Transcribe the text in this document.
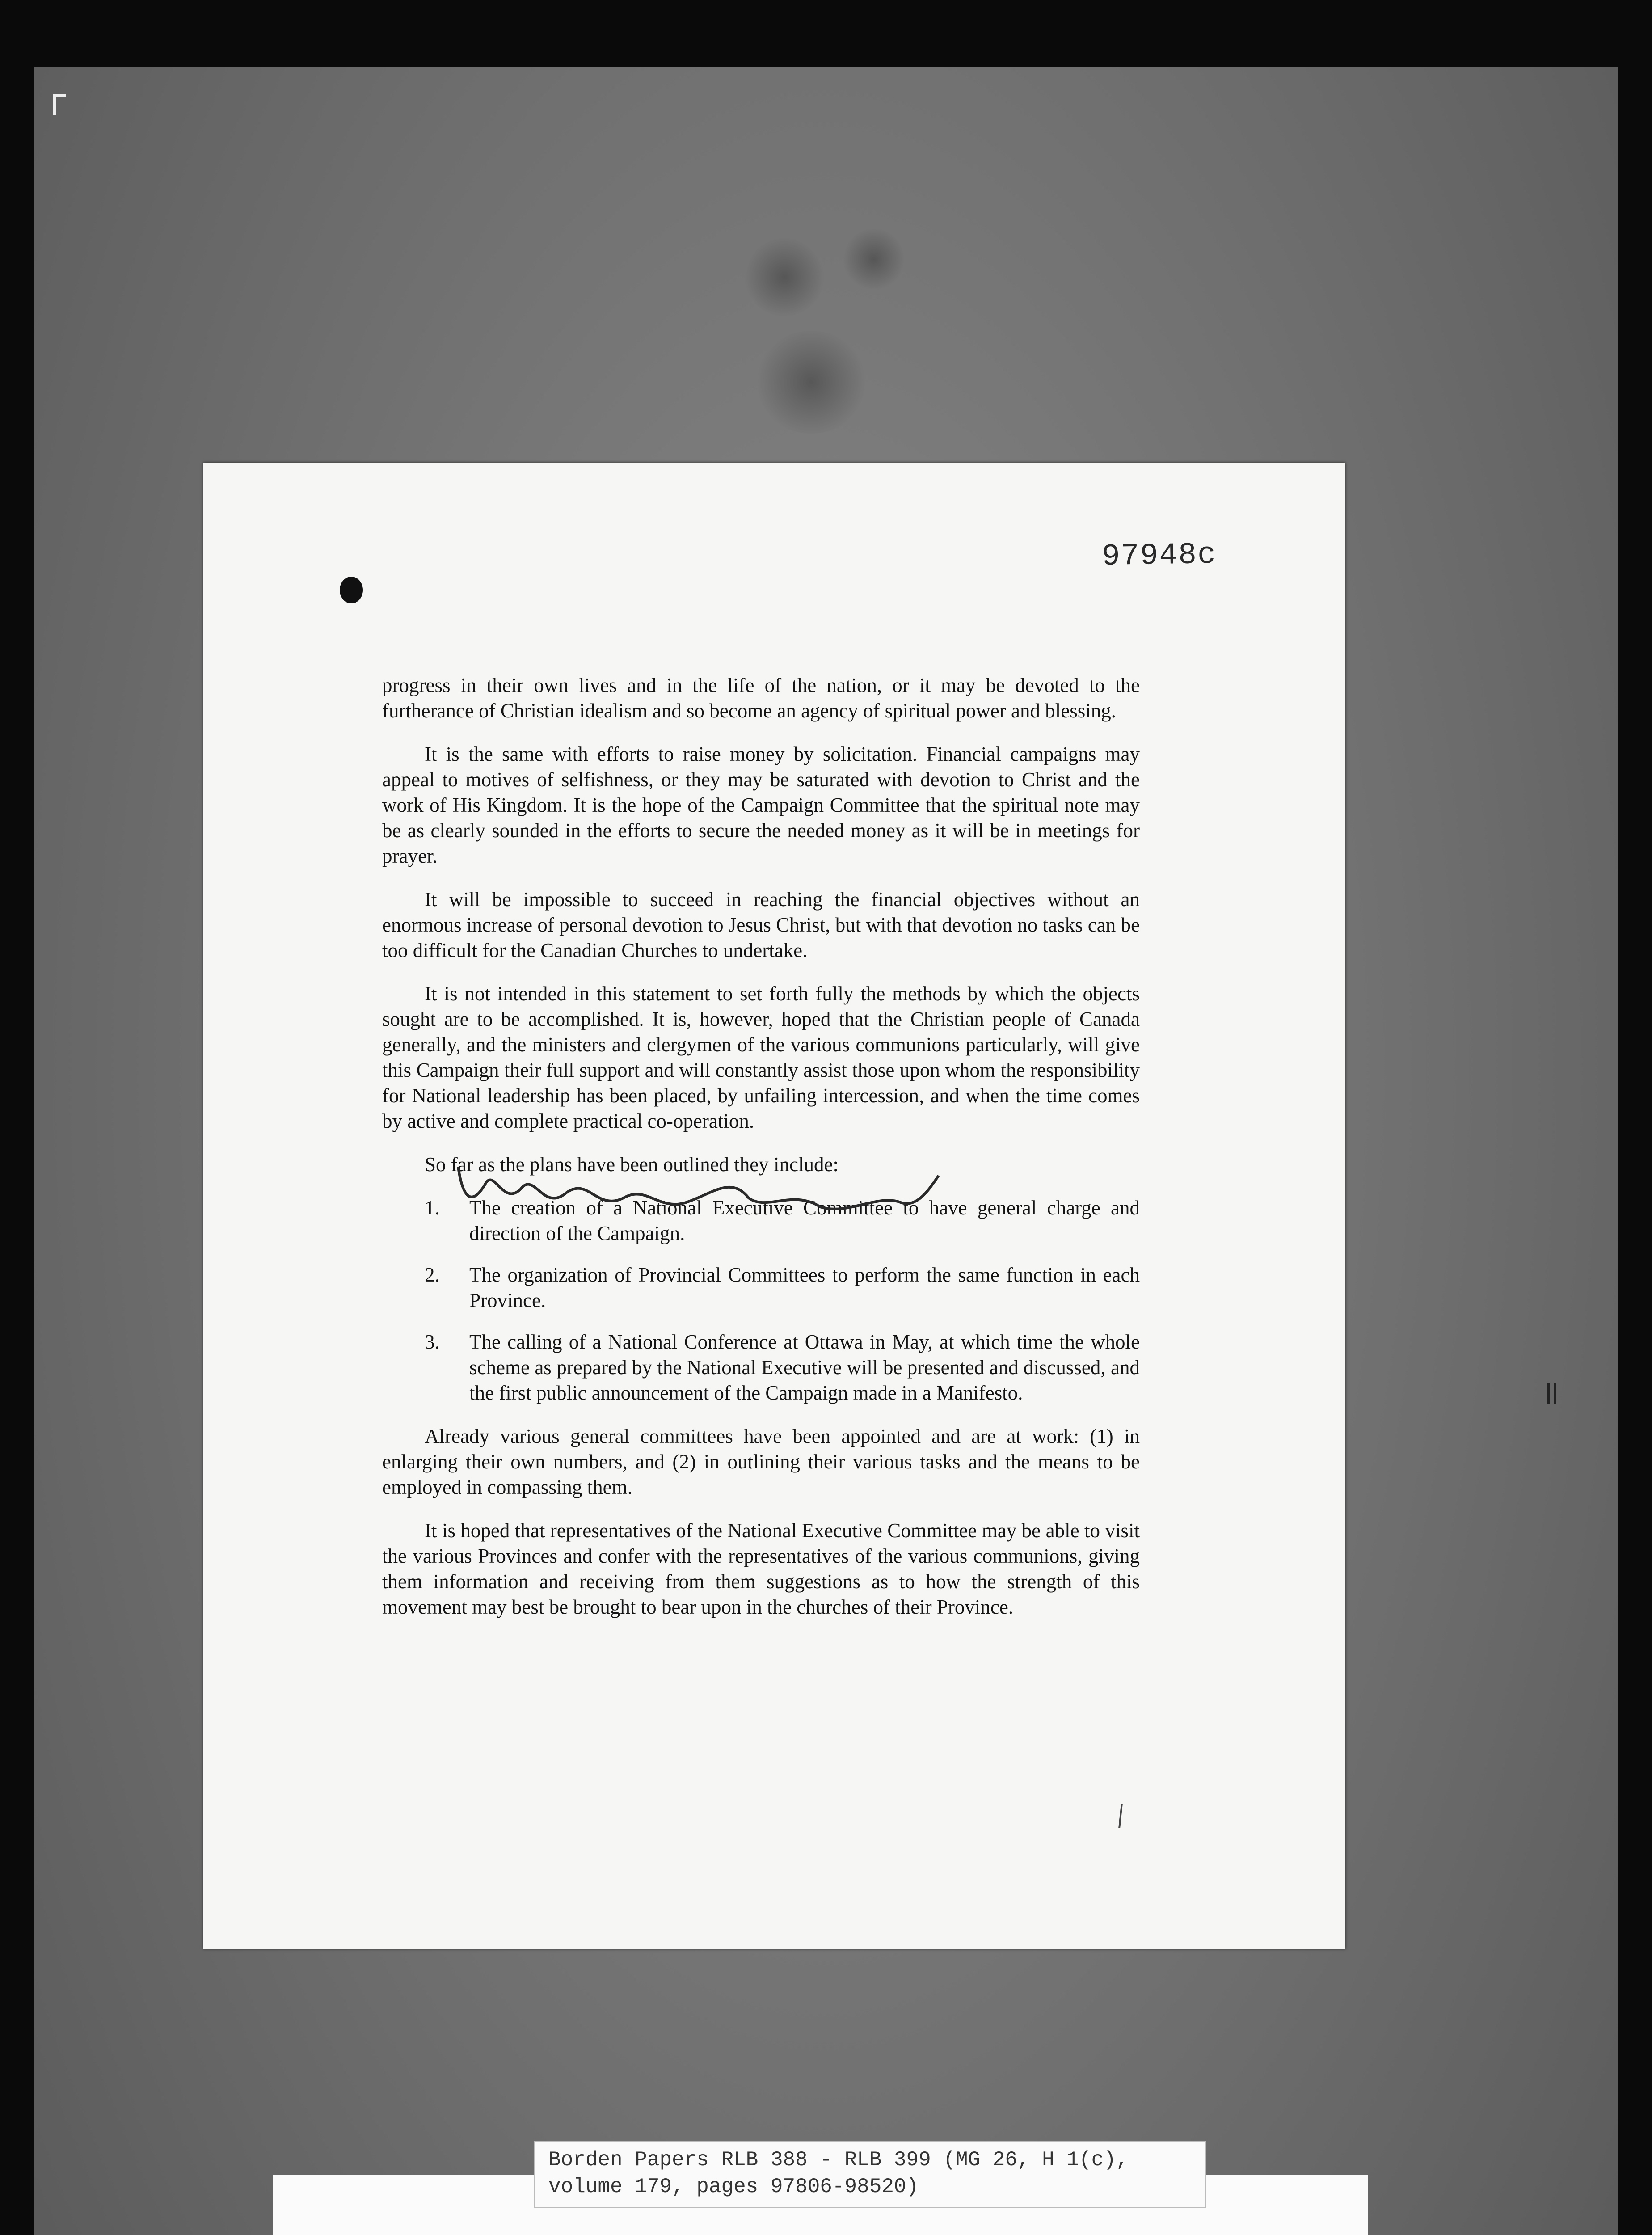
97948c

progress in their own lives and in the life of the nation, or it may be devoted to the furtherance of Christian idealism and so become an agency of spiritual power and blessing.

It is the same with efforts to raise money by solicitation. Financial campaigns may appeal to motives of selfishness, or they may be saturated with devotion to Christ and the work of His Kingdom. It is the hope of the Campaign Committee that the spiritual note may be as clearly sounded in the efforts to secure the needed money as it will be in meetings for prayer.

It will be impossible to succeed in reaching the financial objectives without an enormous increase of personal devotion to Jesus Christ, but with that devotion no tasks can be too difficult for the Canadian Churches to undertake.

It is not intended in this statement to set forth fully the methods by which the objects sought are to be accomplished. It is, however, hoped that the Christian people of Canada generally, and the ministers and clergymen of the various communions particularly, will give this Campaign their full support and will constantly assist those upon whom the responsibility for National leadership has been placed, by unfailing intercession, and when the time comes by active and complete practical co-operation.

So far as the plans have been outlined they include:

1. The creation of a National Executive Committee to have general charge and direction of the Campaign.
2. The organization of Provincial Committees to perform the same function in each Province.
3. The calling of a National Conference at Ottawa in May, at which time the whole scheme as prepared by the National Executive will be presented and discussed, and the first public announcement of the Campaign made in a Manifesto.

Already various general committees have been appointed and are at work: (1) in enlarging their own numbers, and (2) in outlining their various tasks and the means to be employed in compassing them.

It is hoped that representatives of the National Executive Committee may be able to visit the various Provinces and confer with the representatives of the various communions, giving them information and receiving from them suggestions as to how the strength of this movement may best be brought to bear upon in the churches of their Province.

Borden Papers RLB 388 - RLB 399 (MG 26, H 1(c),
volume 179, pages 97806-98520)
